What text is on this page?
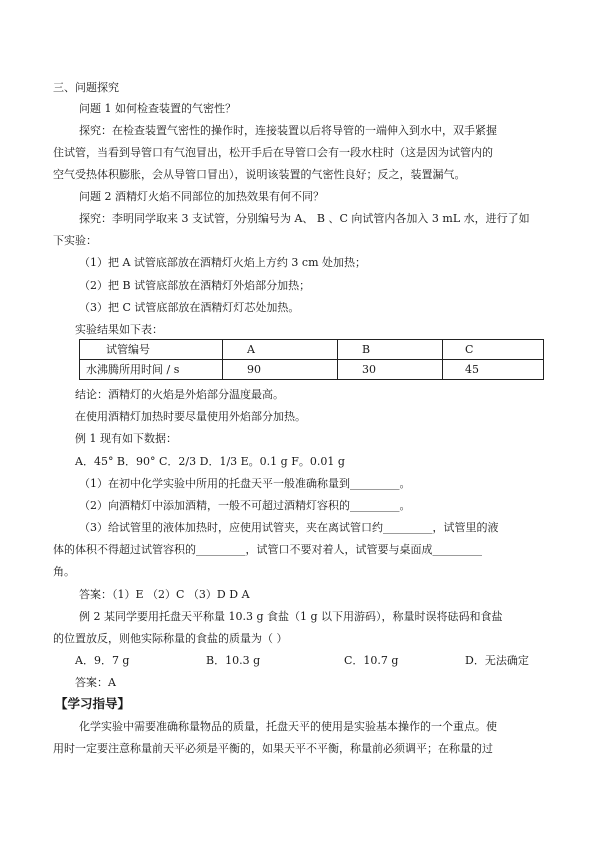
三、问题探究
问题 1 如何检查装置的气密性？
探究：在检查装置气密性的操作时，连接装置以后将导管的一端伸入到水中，双手紧握
住试管，当看到导管口有气泡冒出，松开手后在导管口会有一段水柱时（这是因为试管内的
空气受热体积膨胀，会从导管口冒出），说明该装置的气密性良好；反之，装置漏气。
问题 2 酒精灯火焰不同部位的加热效果有何不同？
探究：李明同学取来 3 支试管，分别编号为 A、 B 、C 向试管内各加入 3 mL 水，进行了如
下实验：
（1）把 A 试管底部放在酒精灯火焰上方约 3 cm 处加热；
（2）把 B 试管底部放在酒精灯外焰部分加热；
（3）把 C 试管底部放在酒精灯灯芯处加热。
实验结果如下表：
试管编号	A	B	C
水沸腾所用时间 / s	90	30	45
结论：酒精灯的火焰是外焰部分温度最高。
在使用酒精灯加热时要尽量使用外焰部分加热。
例 1 现有如下数据：
A．45° B．90° C．2/3 D．1/3 E。0.1 g F。0.01 g
（1）在初中化学实验中所用的托盘天平一般准确称量到_________。
（2）向酒精灯中添加酒精，一般不可超过酒精灯容积的_________。
（3）给试管里的液体加热时，应使用试管夹，夹在离试管口约_________，试管里的液
体的体积不得超过试管容积的_________，试管口不要对着人，试管要与桌面成_________
角。
答案：（1）E （2）C （3）D D A
例 2 某同学要用托盘天平称量 10.3 g 食盐（1 g 以下用游码），称量时误将砝码和食盐
的位置放反，则他实际称量的食盐的质量为（ ）
A．9．7 g	B．10.3 g	C．10.7 g	D．无法确定
答案：A
【学习指导】
化学实验中需要准确称量物品的质量，托盘天平的使用是实验基本操作的一个重点。使
用时一定要注意称量前天平必须是平衡的，如果天平不平衡，称量前必须调平；在称量的过
